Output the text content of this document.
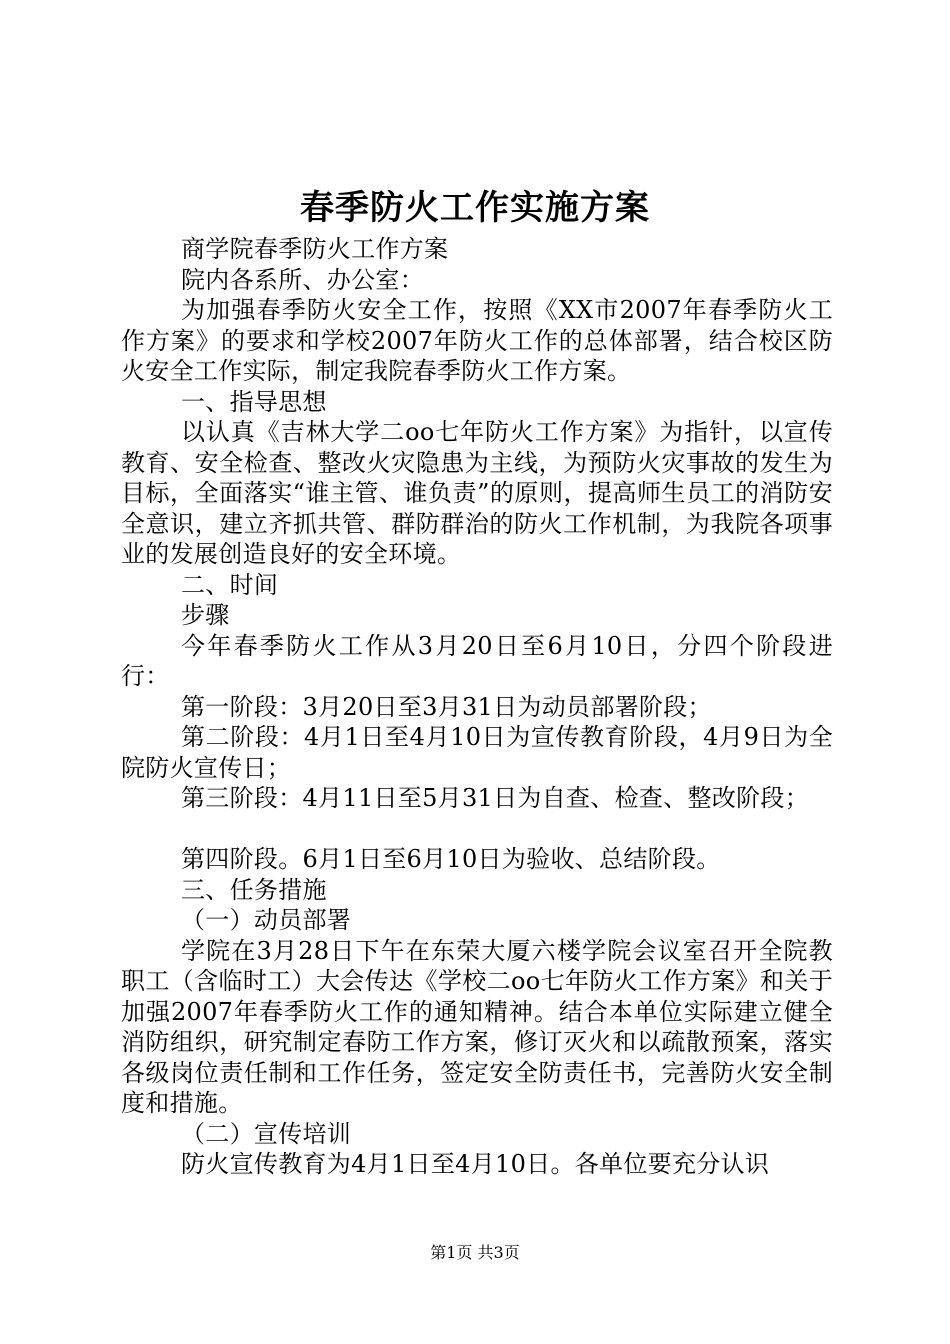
春季防火工作实施方案

商学院春季防火工作方案

院内各系所、办公室：

为加强春季防火安全工作，按照《XX市2007年春季防火工作方案》的要求和学校2007年防火工作的总体部署，结合校区防火安全工作实际，制定我院春季防火工作方案。

一、指导思想

以认真《吉林大学二oo七年防火工作方案》为指针，以宣传教育、安全检查、整改火灾隐患为主线，为预防火灾事故的发生为目标，全面落实“谁主管、谁负责”的原则，提高师生员工的消防安全意识，建立齐抓共管、群防群治的防火工作机制，为我院各项事业的发展创造良好的安全环境。

二、时间

步骤

今年春季防火工作从3月20日至6月10日，分四个阶段进行：

第一阶段：3月20日至3月31日为动员部署阶段；

第二阶段：4月1日至4月10日为宣传教育阶段，4月9日为全院防火宣传日；

第三阶段：4月11日至5月31日为自查、检查、整改阶段；

第四阶段。6月1日至6月10日为验收、总结阶段。

三、任务措施

（一）动员部署

学院在3月28日下午在东荣大厦六楼学院会议室召开全院教职工（含临时工）大会传达《学校二oo七年防火工作方案》和关于加强2007年春季防火工作的通知精神。结合本单位实际建立健全消防组织，研究制定春防工作方案，修订灭火和以疏散预案，落实各级岗位责任制和工作任务，签定安全防责任书，完善防火安全制度和措施。

（二）宣传培训

防火宣传教育为4月1日至4月10日。各单位要充分认识

第1页 共3页
